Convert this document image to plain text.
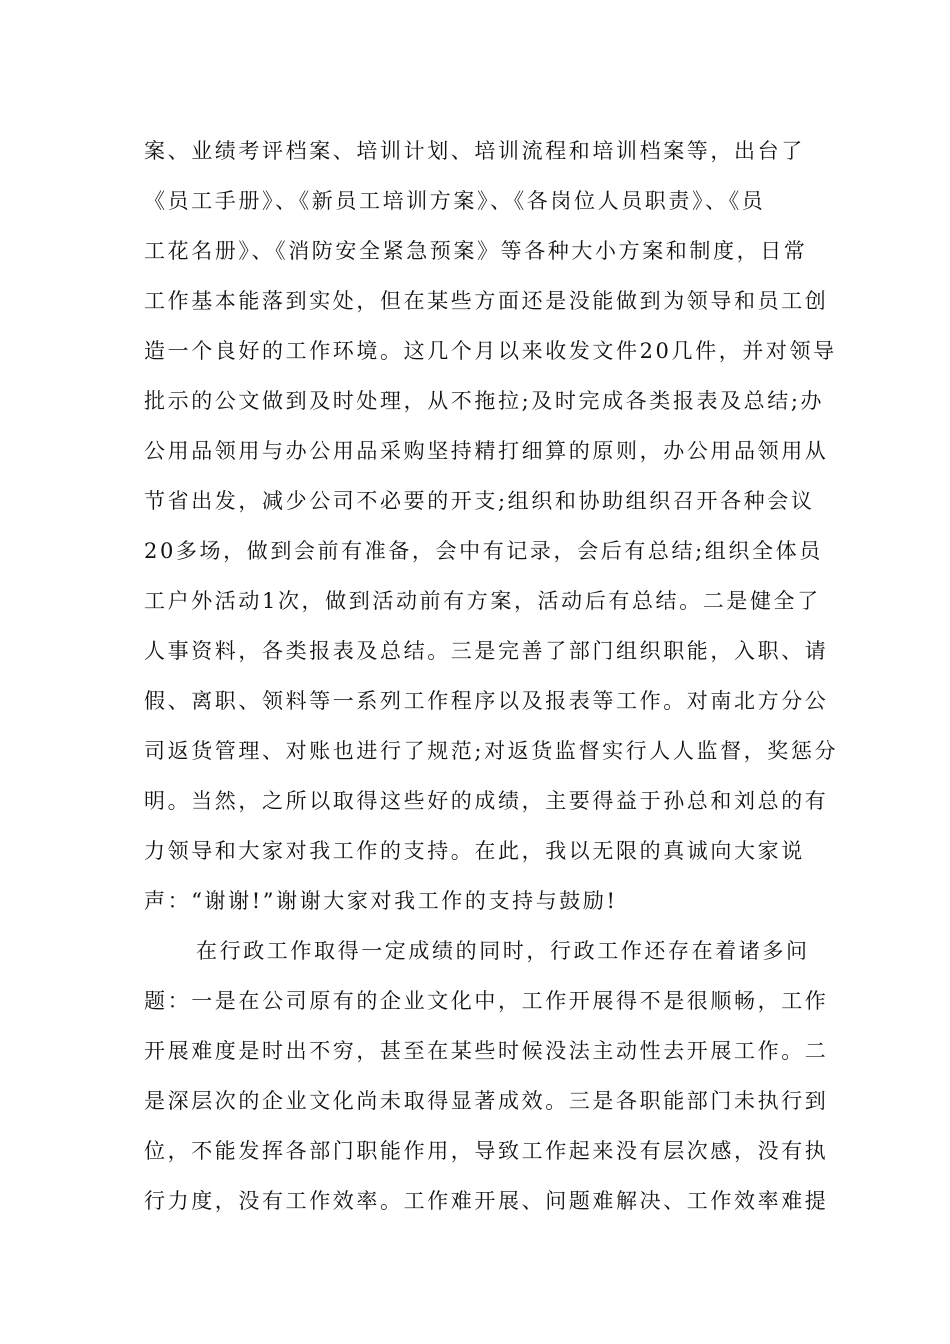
案、业绩考评档案、培训计划、培训流程和培训档案等，出台了
《员工手册》、《新员工培训方案》、《各岗位人员职责》、《员
工花名册》、《消防安全紧急预案》等各种大小方案和制度，日常
工作基本能落到实处，但在某些方面还是没能做到为领导和员工创
造一个良好的工作环境。这几个月以来收发文件20几件，并对领导
批示的公文做到及时处理，从不拖拉;及时完成各类报表及总结;办
公用品领用与办公用品采购坚持精打细算的原则，办公用品领用从
节省出发，减少公司不必要的开支;组织和协助组织召开各种会议
20多场，做到会前有准备，会中有记录，会后有总结;组织全体员
工户外活动1次，做到活动前有方案，活动后有总结。二是健全了
人事资料，各类报表及总结。三是完善了部门组织职能，入职、请
假、离职、领料等一系列工作程序以及报表等工作。对南北方分公
司返货管理、对账也进行了规范;对返货监督实行人人监督，奖惩分
明。当然，之所以取得这些好的成绩，主要得益于孙总和刘总的有
力领导和大家对我工作的支持。在此，我以无限的真诚向大家说
声：“谢谢!”谢谢大家对我工作的支持与鼓励!
在行政工作取得一定成绩的同时，行政工作还存在着诸多问
题：一是在公司原有的企业文化中，工作开展得不是很顺畅，工作
开展难度是时出不穷，甚至在某些时候没法主动性去开展工作。二
是深层次的企业文化尚未取得显著成效。三是各职能部门未执行到
位，不能发挥各部门职能作用，导致工作起来没有层次感，没有执
行力度，没有工作效率。工作难开展、问题难解决、工作效率难提
